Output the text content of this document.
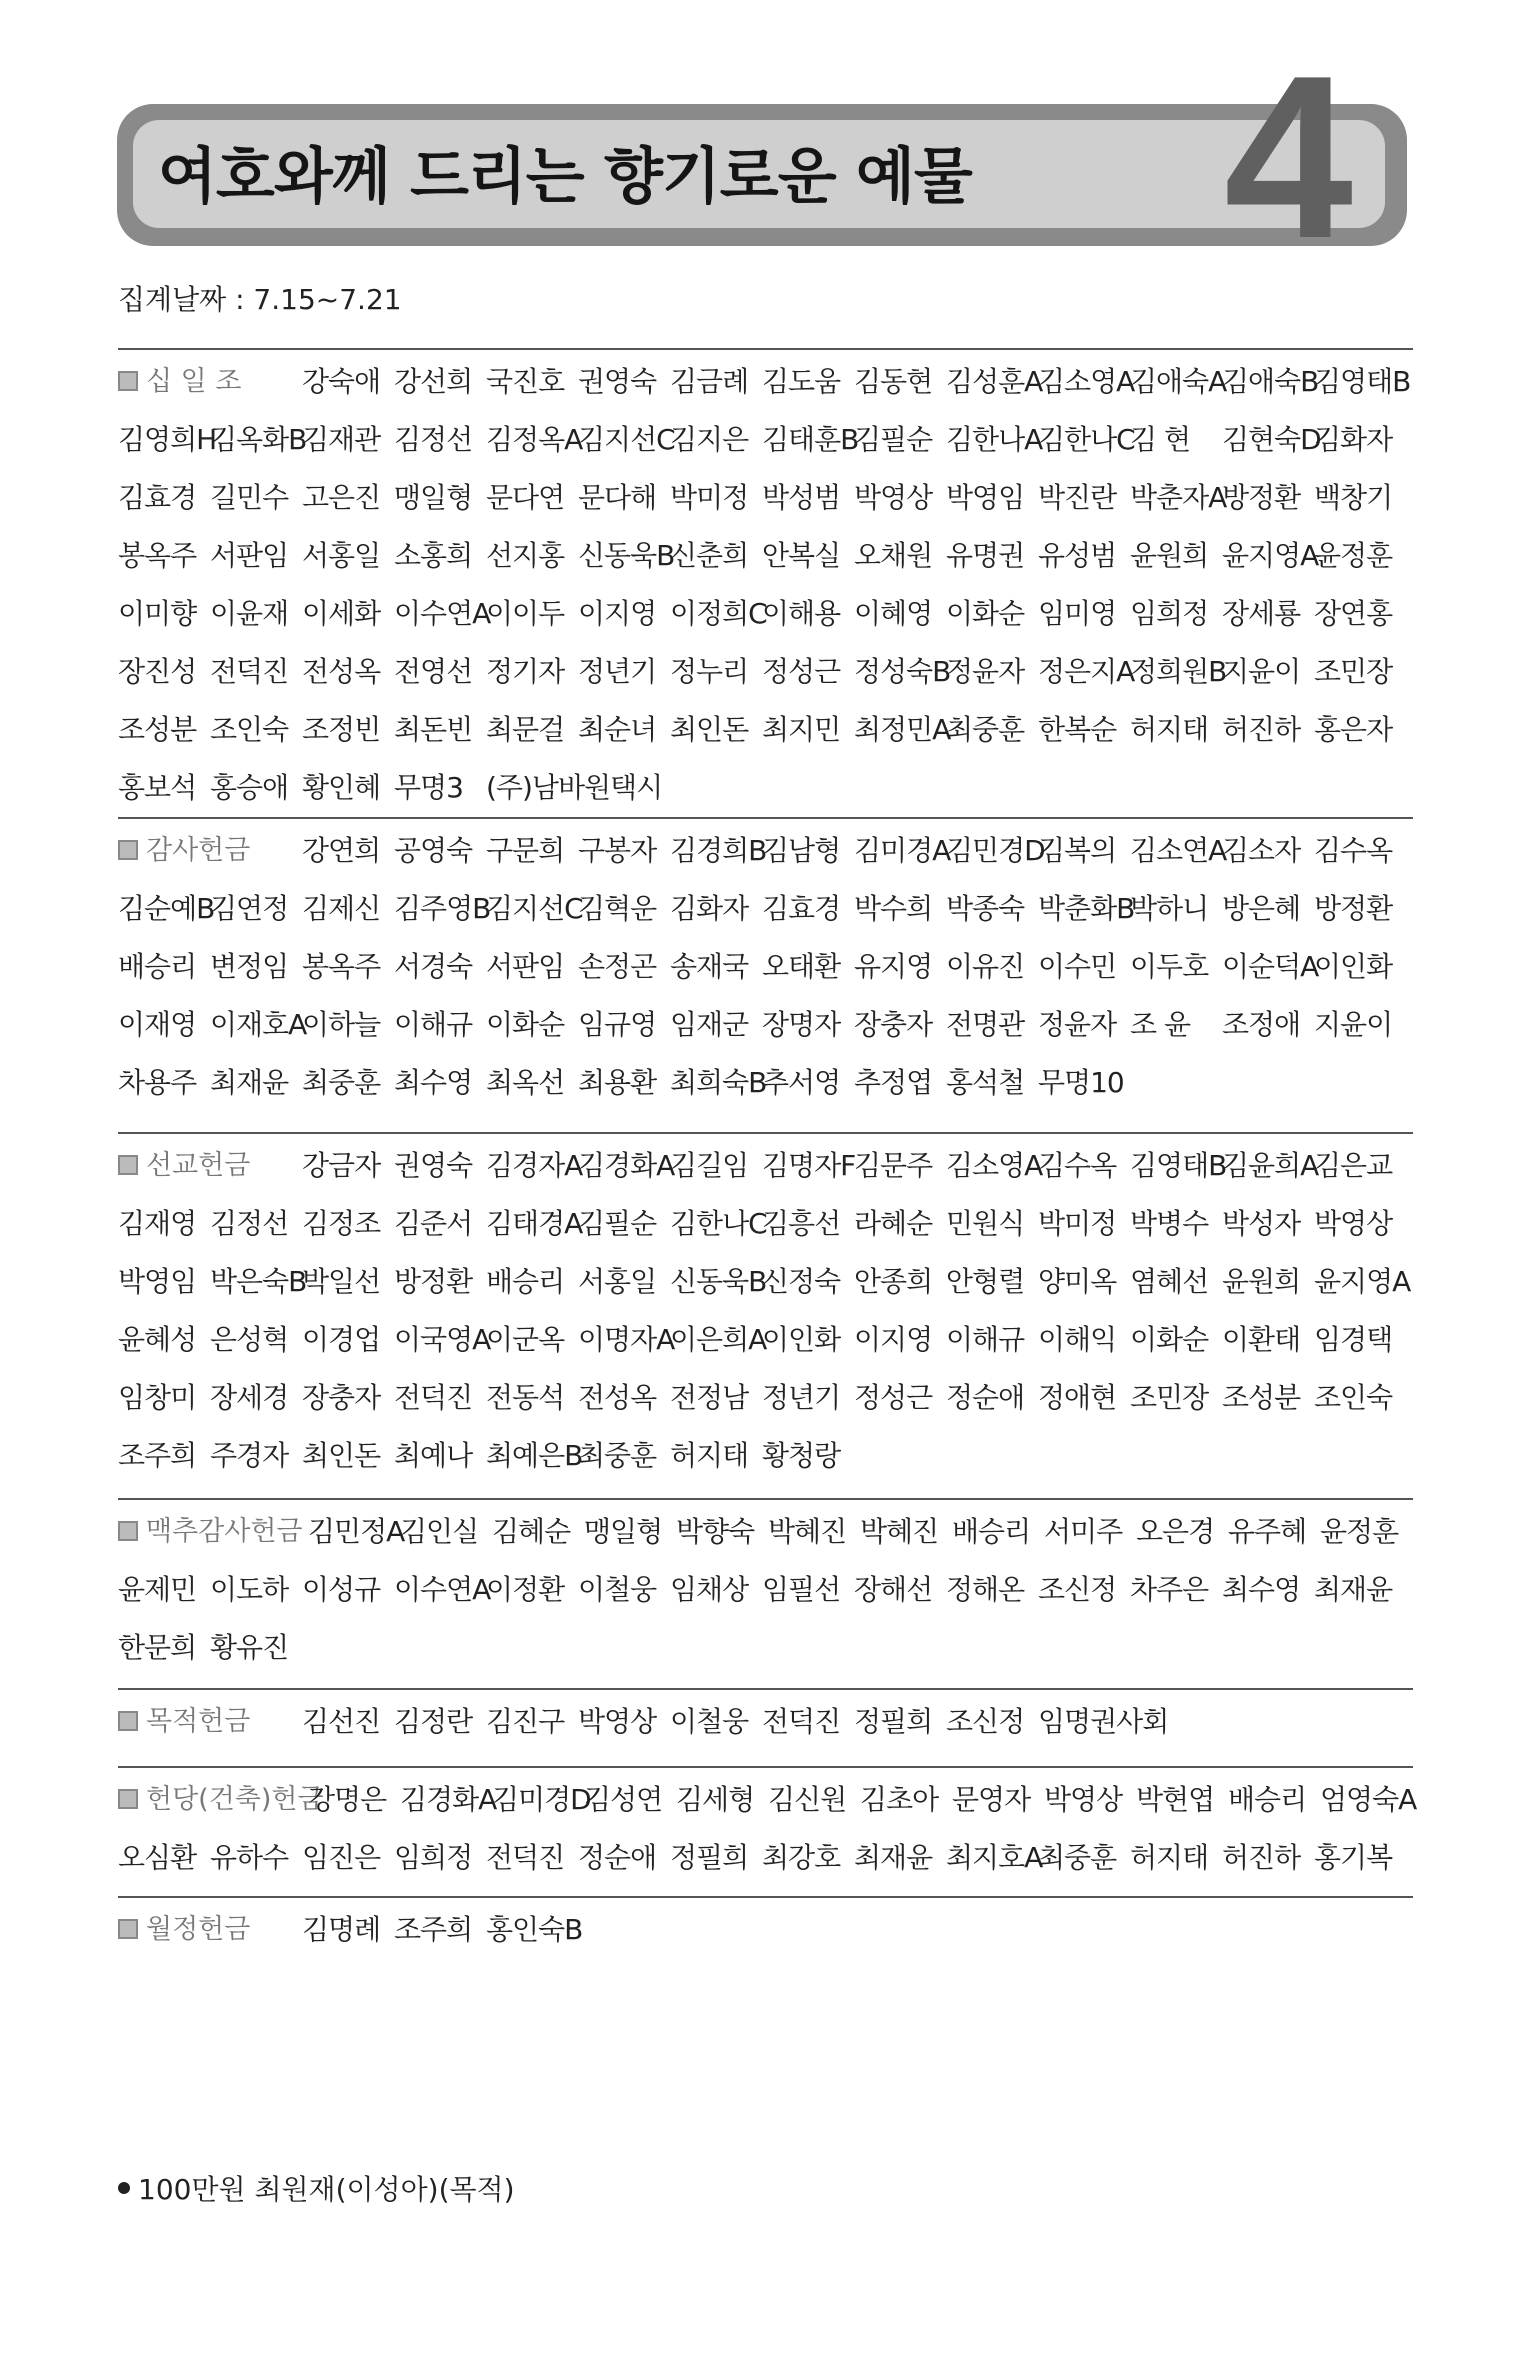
여호와께 드리는 향기로운 예물 4
집계날짜 : 7.15~7.21
십 일 조 강숙애 강선희 국진호 권영숙 김금례 김도움 김동현 김성훈A
김소영A
김애숙A
김애숙B
김영태B
김영희H
김옥화B
김재관 김정선 김정옥A
김지선C
김지은 김태훈B
김필순 김한나A
김한나C
김 현 김현숙D
김화자
김효경 길민수 고은진 맹일형 문다연 문다해 박미정 박성범 박영상 박영임 박진란 박춘자A
방정환 백창기
봉옥주 서판임 서홍일 소홍희 선지홍 신동욱B
신춘희 안복실 오채원 유명권 유성범 윤원희 윤지영A
윤정훈
이미향 이윤재 이세화 이수연A
이이두 이지영 이정희C
이해용 이혜영 이화순 임미영 임희정 장세룡 장연홍
장진성 전덕진 전성옥 전영선 정기자 정년기 정누리 정성근 정성숙B
정윤자 정은지A
정희원B
지윤이 조민장
조성분 조인숙 조정빈 최돈빈 최문걸 최순녀 최인돈 최지민 최정민A
최중훈 한복순 허지태 허진하 홍은자
홍보석 홍승애 황인혜 무명3 (주)남바원택시
감사헌금 강연희 공영숙 구문희 구봉자 김경희B
김남형 김미경A
김민경D
김복의 김소연A
김소자 김수옥
김순예B
김연정 김제신 김주영B
김지선C
김혁운 김화자 김효경 박수희 박종숙 박춘화B
박하니 방은혜 방정환
배승리 변정임 봉옥주 서경숙 서판임 손정곤 송재국 오태환 유지영 이유진 이수민 이두호 이순덕A
이인화
이재영 이재호A
이하늘 이해규 이화순 임규영 임재군 장명자 장충자 전명관 정윤자 조 윤 조정애 지윤이
차용주 최재윤 최중훈 최수영 최옥선 최용환 최희숙B
추서영 추정엽 홍석철 무명10
선교헌금 강금자 권영숙 김경자A
김경화A
김길임 김명자F
김문주 김소영A
김수옥 김영태B
김윤희A
김은교
김재영 김정선 김정조 김준서 김태경A
김필순 김한나C
김흥선 라혜순 민원식 박미정 박병수 박성자 박영상
박영임 박은숙B
박일선 방정환 배승리 서홍일 신동욱B
신정숙 안종희 안형렬 양미옥 염혜선 윤원희 윤지영A
윤혜성 은성혁 이경업 이국영A
이군옥 이명자A
이은희A
이인화 이지영 이해규 이해익 이화순 이환태 임경택
임창미 장세경 장충자 전덕진 전동석 전성옥 전정남 정년기 정성근 정순애 정애현 조민장 조성분 조인숙
조주희 주경자 최인돈 최예나 최예은B
최중훈 허지태 황청랑
맥추감사헌금 김민정A
김인실 김혜순 맹일형 박향숙 박혜진 박혜진 배승리 서미주 오은경 유주혜 윤정훈
윤제민 이도하 이성규 이수연A
이정환 이철웅 임채상 임필선 장해선 정해온 조신정 차주은 최수영 최재윤
한문희 황유진
목적헌금 김선진 김정란 김진구 박영상 이철웅 전덕진 정필희 조신정 임명권사회
헌당(건축)헌금
강명은 김경화A
김미경D
김성연 김세형 김신원 김초아 문영자 박영상 박현엽 배승리 엄영숙A
오심환 유하수 임진은 임희정 전덕진 정순애 정필희 최강호 최재윤 최지호A
최중훈 허지태 허진하 홍기복
월정헌금 김명례 조주희 홍인숙B
100만원 최원재(이성아)(목적)
